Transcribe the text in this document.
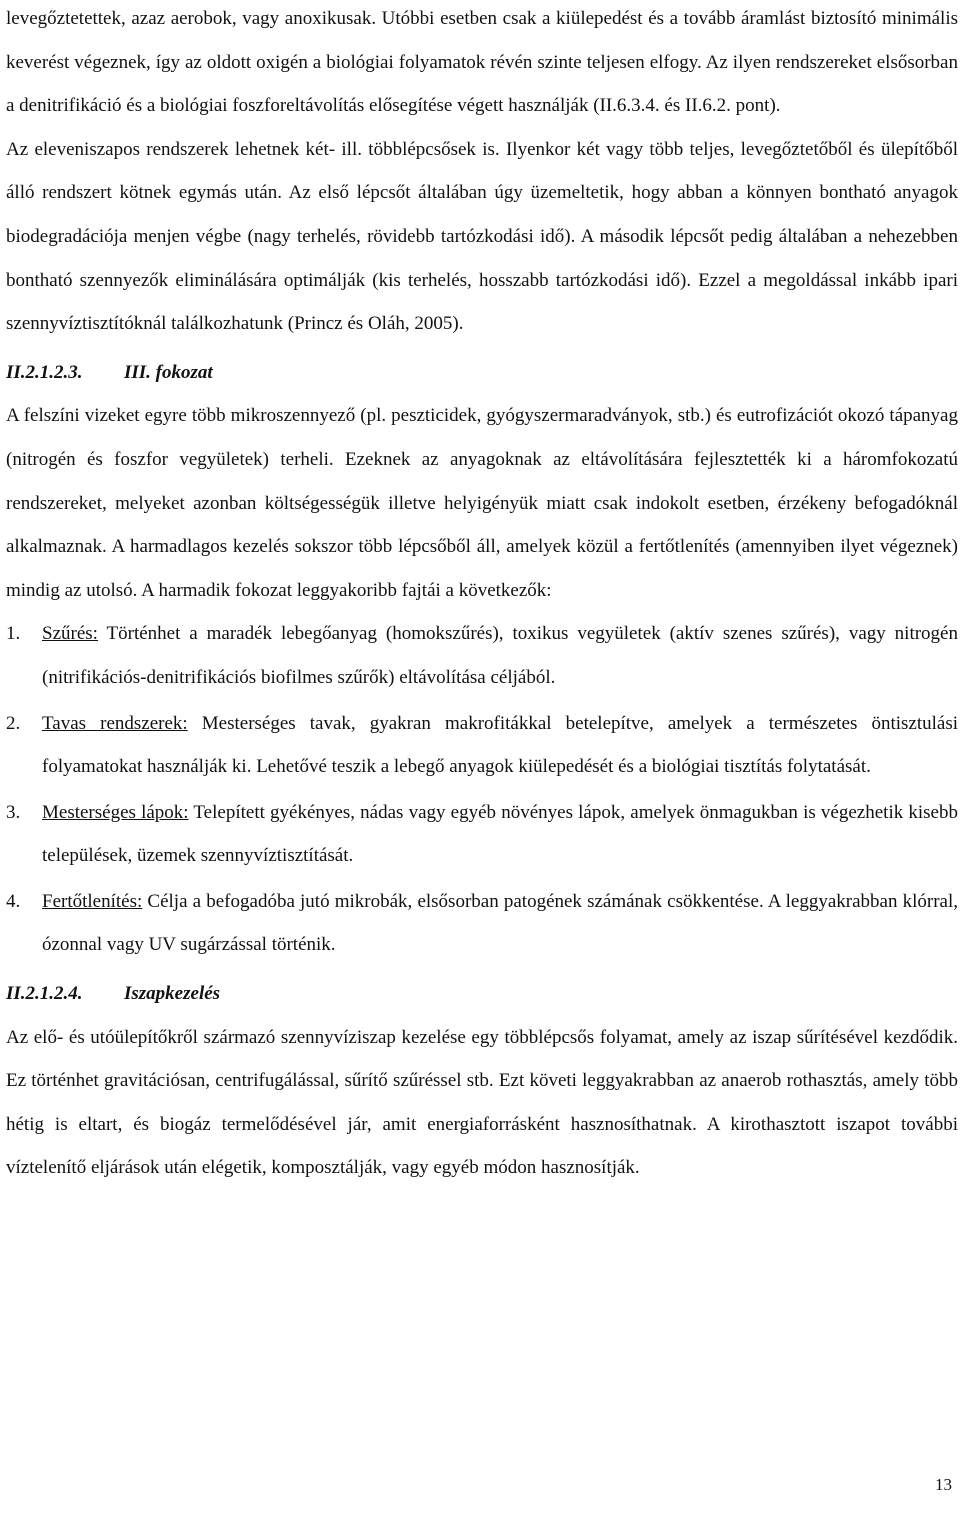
levegőztetettek, azaz aerobok, vagy anoxikusak. Utóbbi esetben csak a kiülepedést és a tovább áramlást biztosító minimális keverést végeznek, így az oldott oxigén a biológiai folyamatok révén szinte teljesen elfogy. Az ilyen rendszereket elsősorban a denitrifikáció és a biológiai foszforeltávolítás elősegítése végett használják (II.6.3.4. és II.6.2. pont).

Az eleveniszapos rendszerek lehetnek két- ill. többlépcsősek is. Ilyenkor két vagy több teljes, levegőztetőből és ülepítőből álló rendszert kötnek egymás után. Az első lépcsőt általában úgy üzemeltetik, hogy abban a könnyen bontható anyagok biodegradációja menjen végbe (nagy terhelés, rövidebb tartózkodási idő). A második lépcsőt pedig általában a nehezebben bontható szennyezők eliminálására optimálják (kis terhelés, hosszabb tartózkodási idő). Ezzel a megoldással inkább ipari szennyvíztisztítóknál találkozhatunk (Princz és Oláh, 2005).

II.2.1.2.3. III. fokozat

A felszíni vizeket egyre több mikroszennyező (pl. peszticidek, gyógyszermaradványok, stb.) és eutrofizációt okozó tápanyag (nitrogén és foszfor vegyületek) terheli. Ezeknek az anyagoknak az eltávolítására fejlesztették ki a háromfokozatú rendszereket, melyeket azonban költségességük illetve helyigényük miatt csak indokolt esetben, érzékeny befogadóknál alkalmaznak. A harmadlagos kezelés sokszor több lépcsőből áll, amelyek közül a fertőtlenítés (amennyiben ilyet végeznek) mindig az utolsó. A harmadik fokozat leggyakoribb fajtái a következők:

1. Szűrés: Történhet a maradék lebegőanyag (homokszűrés), toxikus vegyületek (aktív szenes szűrés), vagy nitrogén (nitrifikációs-denitrifikációs biofilmes szűrők) eltávolítása céljából.
2. Tavas rendszerek: Mesterséges tavak, gyakran makrofitákkal betelepítve, amelyek a természetes öntisztulási folyamatokat használják ki. Lehetővé teszik a lebegő anyagok kiülepedését és a biológiai tisztítás folytatását.
3. Mesterséges lápok: Telepített gyékényes, nádas vagy egyéb növényes lápok, amelyek önmagukban is végezhetik kisebb települések, üzemek szennyvíztisztítását.
4. Fertőtlenítés: Célja a befogadóba jutó mikrobák, elsősorban patogének számának csökkentése. A leggyakrabban klórral, ózonnal vagy UV sugárzással történik.

II.2.1.2.4. Iszapkezelés

Az elő- és utóülepítőkről származó szennyvíziszap kezelése egy többlépcsős folyamat, amely az iszap sűrítésével kezdődik. Ez történhet gravitációsan, centrifugálással, sűrítő szűréssel stb. Ezt követi leggyakrabban az anaerob rothasztás, amely több hétig is eltart, és biogáz termelődésével jár, amit energiaforrásként hasznosíthatnak. A kirothasztott iszapot további víztelenítő eljárások után elégetik, komposztálják, vagy egyéb módon hasznosítják.

13
